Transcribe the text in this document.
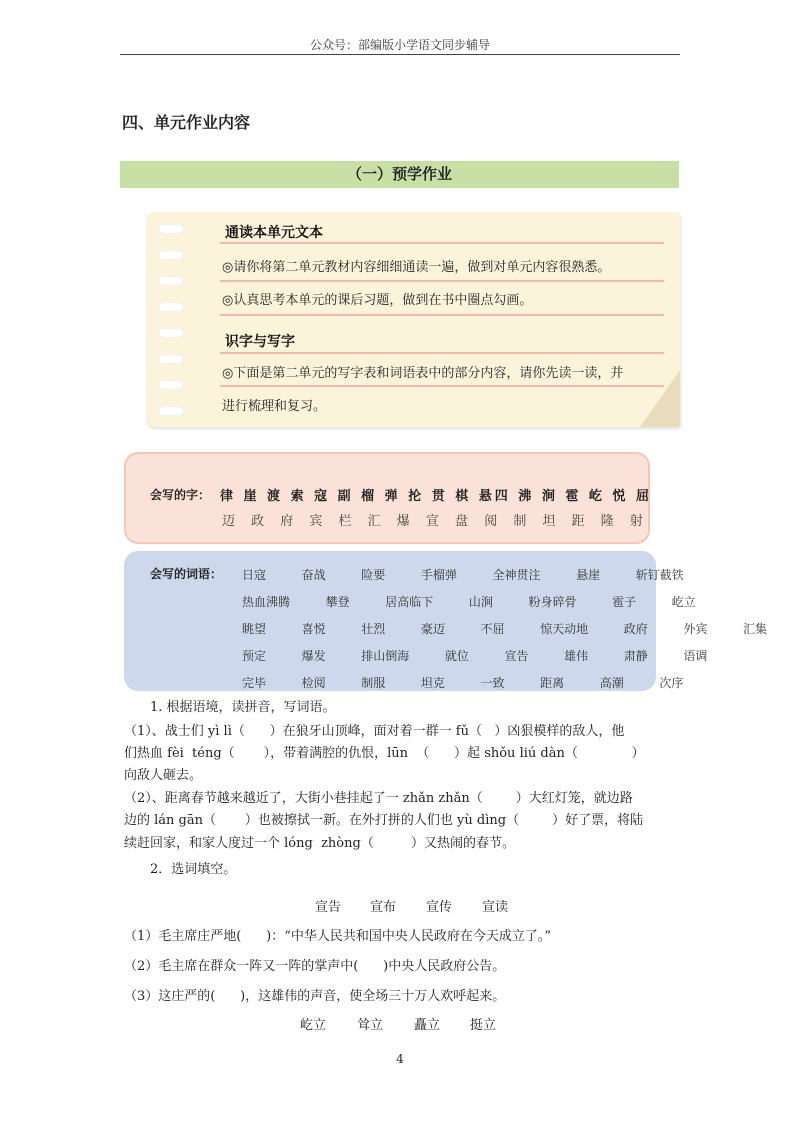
公众号：部编版小学语文同步辅导
四、单元作业内容
（一）预学作业
通读本单元文本
◎请你将第二单元教材内容细细通读一遍，做到对单元内容很熟悉。
◎认真思考本单元的课后习题，做到在书中圈点勾画。
识字与写字
◎下面是第二单元的写字表和词语表中的部分内容，请你先读一读，并
进行梳理和复习。
会写的字： 律 崖 渡 索 寇 副 榴 弹 抡 贯 棋 悬四 沸 涧 雹 屹 悦 屈
迈 政 府 宾 栏 汇 爆 宣 盘 阅 制 坦 距 隆 射
会写的词语： 日寇  奋战  险要  手榴弹  全神贯注  悬崖  斩钉截铁
热血沸腾  攀登  居高临下  山涧  粉身碎骨  雹子  屹立
眺望  喜悦  壮烈  豪迈  不屈  惊天动地  政府  外宾  汇集
预定  爆发  排山倒海  就位  宣告  雄伟  肃静  语调
完毕  检阅  制服  坦克  一致  距离  高潮  次序
1. 根据语境，读拼音，写词语。
（1）、战士们 yì lì（      ）在狼牙山顶峰，面对着一群一 fǔ（   ）凶狠模样的敌人，他
们热血 fèi  téng（       ），带着满腔的仇恨，lūn  （      ）起 shǒu liú dàn（             ）
向敌人砸去。
（2）、距离春节越来越近了，大街小巷挂起了一 zhǎn zhǎn（        ）大红灯笼，就边路
边的 lán gān（       ）也被擦拭一新。在外打拼的人们也 yù dìng（        ）好了票，将陆
续赶回家，和家人度过一个 lóng  zhòng（         ）又热闹的春节。
2．选词填空。
宣告 宣布 宣传 宣读
（1）毛主席庄严地(      )：“中华人民共和国中央人民政府在今天成立了。”
（2）毛主席在群众一阵又一阵的掌声中(      )中央人民政府公告。
（3）这庄严的(      )，这雄伟的声音，使全场三十万人欢呼起来。
屹立 耸立 矗立 挺立
4
